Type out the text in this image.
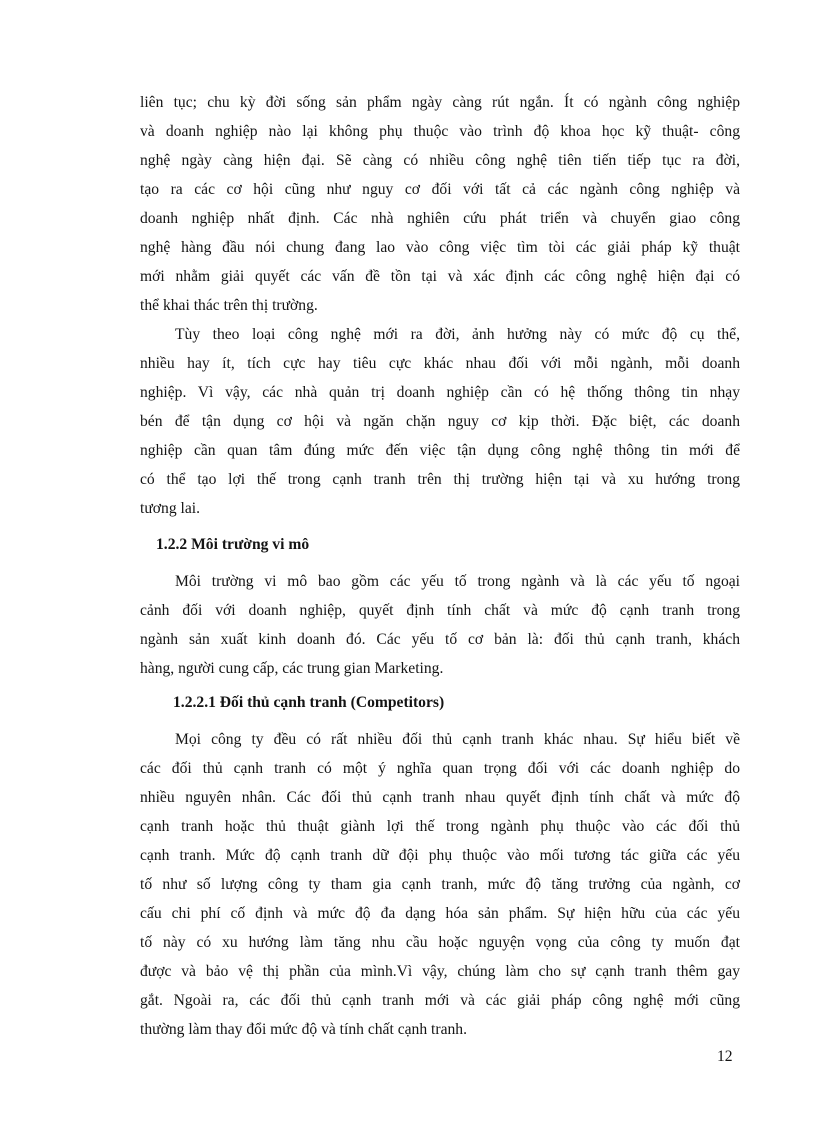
liên tục; chu kỳ đời sống sản phẩm ngày càng rút ngắn. Ít có ngành công nghiệp
và doanh nghiệp nào lại không phụ thuộc vào trình độ khoa học kỹ thuật- công
nghệ ngày càng hiện đại. Sẽ càng có nhiều công nghệ tiên tiến tiếp tục ra đời,
tạo ra các cơ hội cũng như nguy cơ đối với tất cả các ngành công nghiệp và
doanh nghiệp nhất định. Các nhà nghiên cứu phát triển và chuyển giao công
nghệ hàng đầu nói chung đang lao vào công việc tìm tòi các giải pháp kỹ thuật
mới nhằm giải quyết các vấn đề tồn tại và xác định các công nghệ hiện đại có
thể khai thác trên thị trường.
Tùy theo loại công nghệ mới ra đời, ảnh hưởng này có mức độ cụ thể,
nhiều hay ít, tích cực hay tiêu cực khác nhau đối với mỗi ngành, mỗi doanh
nghiệp. Vì vậy, các nhà quản trị doanh nghiệp cần có hệ thống thông tin nhạy
bén để tận dụng cơ hội và ngăn chặn nguy cơ kịp thời. Đặc biệt, các doanh
nghiệp cần quan tâm đúng mức đến việc tận dụng công nghệ thông tin mới để
có thể tạo lợi thế trong cạnh tranh trên thị trường hiện tại và xu hướng trong
tương lai.
1.2.2 Môi trường vi mô
Môi trường vi mô bao gồm các yếu tố trong ngành và là các yếu tố ngoại
cảnh đối với doanh nghiệp, quyết định tính chất và mức độ cạnh tranh trong
ngành sản xuất kinh doanh đó. Các yếu tố cơ bản là: đối thủ cạnh tranh, khách
hàng, người cung cấp, các trung gian Marketing.
1.2.2.1 Đối thủ cạnh tranh (Competitors)
Mọi công ty đều có rất nhiều đối thủ cạnh tranh khác nhau. Sự hiểu biết về
các đối thủ cạnh tranh có một ý nghĩa quan trọng đối với các doanh nghiệp do
nhiều nguyên nhân. Các đối thủ cạnh tranh nhau quyết định tính chất và mức độ
cạnh tranh hoặc thủ thuật giành lợi thế trong ngành phụ thuộc vào các đối thủ
cạnh tranh. Mức độ cạnh tranh dữ đội phụ thuộc vào mối tương tác giữa các yếu
tố như số lượng công ty tham gia cạnh tranh, mức độ tăng trưởng của ngành, cơ
cấu chi phí cố định và mức độ đa dạng hóa sản phẩm. Sự hiện hữu của các yếu
tố này có xu hướng làm tăng nhu cầu hoặc nguyện vọng của công ty muốn đạt
được và bảo vệ thị phần của mình.Vì vậy, chúng làm cho sự cạnh tranh thêm gay
gắt. Ngoài ra, các đối thủ cạnh tranh mới và các giải pháp công nghệ mới cũng
thường làm thay đổi mức độ và tính chất cạnh tranh.
12
